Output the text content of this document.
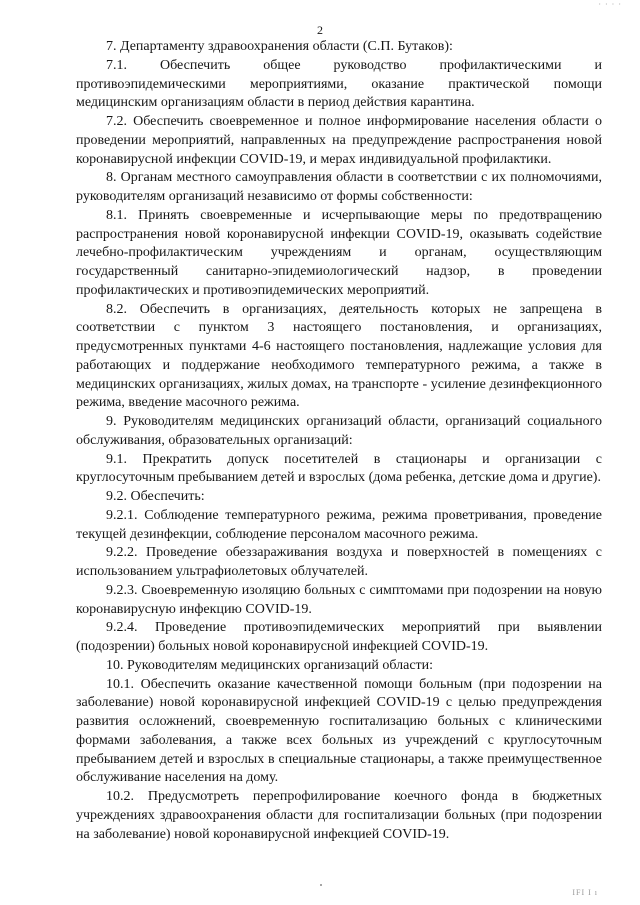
· · · ·
2

7. Департаменту здравоохранения области (С.П. Бутаков):

7.1. Обеспечить общее руководство профилактическими и противоэпидемическими мероприятиями, оказание практической помощи медицинским организациям области в период действия карантина.

7.2. Обеспечить своевременное и полное информирование населения области о проведении мероприятий, направленных на предупреждение распространения новой коронавирусной инфекции COVID-19, и мерах индивидуальной профилактики.

8. Органам местного самоуправления области в соответствии с их полномочиями, руководителям организаций независимо от формы собственности:

8.1. Принять своевременные и исчерпывающие меры по предотвращению распространения новой коронавирусной инфекции COVID-19, оказывать содействие лечебно-профилактическим учреждениям и органам, осуществляющим государственный санитарно-эпидемиологический надзор, в проведении профилактических и противоэпидемических мероприятий.

8.2. Обеспечить в организациях, деятельность которых не запрещена в соответствии с пунктом 3 настоящего постановления, и организациях, предусмотренных пунктами 4-6 настоящего постановления, надлежащие условия для работающих и поддержание необходимого температурного режима, а также в медицинских организациях, жилых домах, на транспорте - усиление дезинфекционного режима, введение масочного режима.

9. Руководителям медицинских организаций области, организаций социального обслуживания, образовательных организаций:

9.1. Прекратить допуск посетителей в стационары и организации с круглосуточным пребыванием детей и взрослых (дома ребенка, детские дома и другие).

9.2. Обеспечить:

9.2.1. Соблюдение температурного режима, режима проветривания, проведение текущей дезинфекции, соблюдение персоналом масочного режима.

9.2.2. Проведение обеззараживания воздуха и поверхностей в помещениях с использованием ультрафиолетовых облучателей.

9.2.3. Своевременную изоляцию больных с симптомами при подозрении на новую коронавирусную инфекцию COVID-19.

9.2.4. Проведение противоэпидемических мероприятий при выявлении (подозрении) больных новой коронавирусной инфекцией COVID-19.

10. Руководителям медицинских организаций области:

10.1. Обеспечить оказание качественной помощи больным (при подозрении на заболевание) новой коронавирусной инфекцией COVID-19 с целью предупреждения развития осложнений, своевременную госпитализацию больных с клиническими формами заболевания, а также всех больных из учреждений с круглосуточным пребыванием детей и взрослых в специальные стационары, а также преимущественное обслуживание населения на дому.

10.2. Предусмотреть перепрофилирование коечного фонда в бюджетных учреждениях здравоохранения области для госпитализации больных (при подозрении на заболевание) новой коронавирусной инфекцией COVID-19.

IFI I ı
